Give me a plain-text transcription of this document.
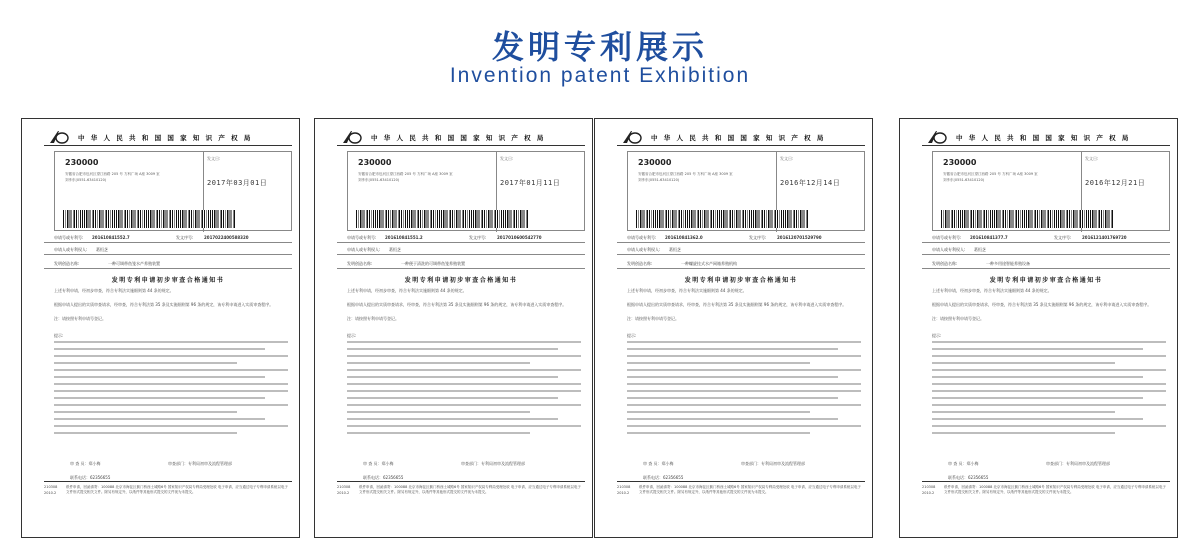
发明专利展示
Invention patent Exhibition
中 华 人 民 共 和 国 国 家 知 识 产 权 局
230000
安徽省合肥市包河区望江西路 205 号 方科广场 A座 3009 室
刘孝东(0551-63410120)
发文日:
2017年03月01日
申请号或专利号: 201610841552.7	发文序号:	2017022400588320
申请人或专利权人: 葛恒芝
发明创造名称:	一种可调带鱼笼水产养殖装置
发明专利申请初步审查合格通知书
上述专利申请，经初步审查，符合专利法实施细则第 44 条的规定。
根据申请人提出的实质审查请求，经审查，符合专利法第 35 条及实施细则第 96 条的规定，该专利申请进入实质审查程序。
注：请按照专利申请号登记。
提示:
审 查 员：郑小梅	审查部门：专利局初审及流程管理部
联系电话：62356655
210308
2010.2
纸件申请，回函请寄：100088 北京市海淀区蓟门桥西土城路6号 国家知识产权局专利局受理处收 电子申请，应当通过电子专利申请系统以电子文件形式提交相关文件。除另有规定外，以纸件等其他形式提交的文件视为未提交。
中 华 人 民 共 和 国 国 家 知 识 产 权 局
230000
安徽省合肥市包河区望江西路 205 号 方科广场 A座 3009 室
刘孝东(0551-63410120)
发文日:
2017年01月11日
申请号或专利号: 201610841551.2	发文序号:	2017010600542770
申请人或专利权人: 葛恒芝
发明创造名称:	一种便于清洗的可调带鱼笼养殖装置
发明专利申请初步审查合格通知书
上述专利申请，经初步审查，符合专利法实施细则第 44 条的规定。
根据申请人提出的实质审查请求，经审查，符合专利法第 35 条及实施细则第 96 条的规定，该专利申请进入实质审查程序。
注：请按照专利申请号登记。
提示:
审 查 员：郑小梅	审查部门：专利局初审及流程管理部
联系电话：62356655
210308
2010.2
纸件申请，回函请寄：100088 北京市海淀区蓟门桥西土城路6号 国家知识产权局专利局受理处收 电子申请，应当通过电子专利申请系统以电子文件形式提交相关文件。除另有规定外，以纸件等其他形式提交的文件视为未提交。
中 华 人 民 共 和 国 国 家 知 识 产 权 局
230000
安徽省合肥市包河区望江西路 205 号 方科广场 A座 3009 室
刘孝东(0551-63410120)
发文日:
2016年12月14日
申请号或专利号: 201610841362.0	发文序号:	2016120701529790
申请人或专利权人: 葛恒芝
发明创造名称:	一种螺旋挂式水产网箱养殖机构
发明专利申请初步审查合格通知书
上述专利申请，经初步审查，符合专利法实施细则第 44 条的规定。
根据申请人提出的实质审查请求，经审查，符合专利法第 35 条及实施细则第 96 条的规定，该专利申请进入实质审查程序。
注：请按照专利申请号登记。
提示:
审 查 员：郑小梅	审查部门：专利局初审及流程管理部
联系电话：62356655
210308
2010.2
纸件申请，回函请寄：100088 北京市海淀区蓟门桥西土城路6号 国家知识产权局专利局受理处收 电子申请，应当通过电子专利申请系统以电子文件形式提交相关文件。除另有规定外，以纸件等其他形式提交的文件视为未提交。
中 华 人 民 共 和 国 国 家 知 识 产 权 局
230000
安徽省合肥市包河区望江西路 205 号 方科广场 A座 3009 室
刘孝东(0551-63410120)
发文日:
2016年12月21日
申请号或专利号: 201610841377.7	发文序号:	2016121401769720
申请人或专利权人: 葛恒芝
发明创造名称:	一种多用途智能养殖设备
发明专利申请初步审查合格通知书
上述专利申请，经初步审查，符合专利法实施细则第 44 条的规定。
根据申请人提出的实质审查请求，经审查，符合专利法第 35 条及实施细则第 96 条的规定，该专利申请进入实质审查程序。
注：请按照专利申请号登记。
提示:
审 查 员：郑小梅	审查部门：专利局初审及流程管理部
联系电话：62356655
210308
2010.2
纸件申请，回函请寄：100088 北京市海淀区蓟门桥西土城路6号 国家知识产权局专利局受理处收 电子申请，应当通过电子专利申请系统以电子文件形式提交相关文件。除另有规定外，以纸件等其他形式提交的文件视为未提交。
